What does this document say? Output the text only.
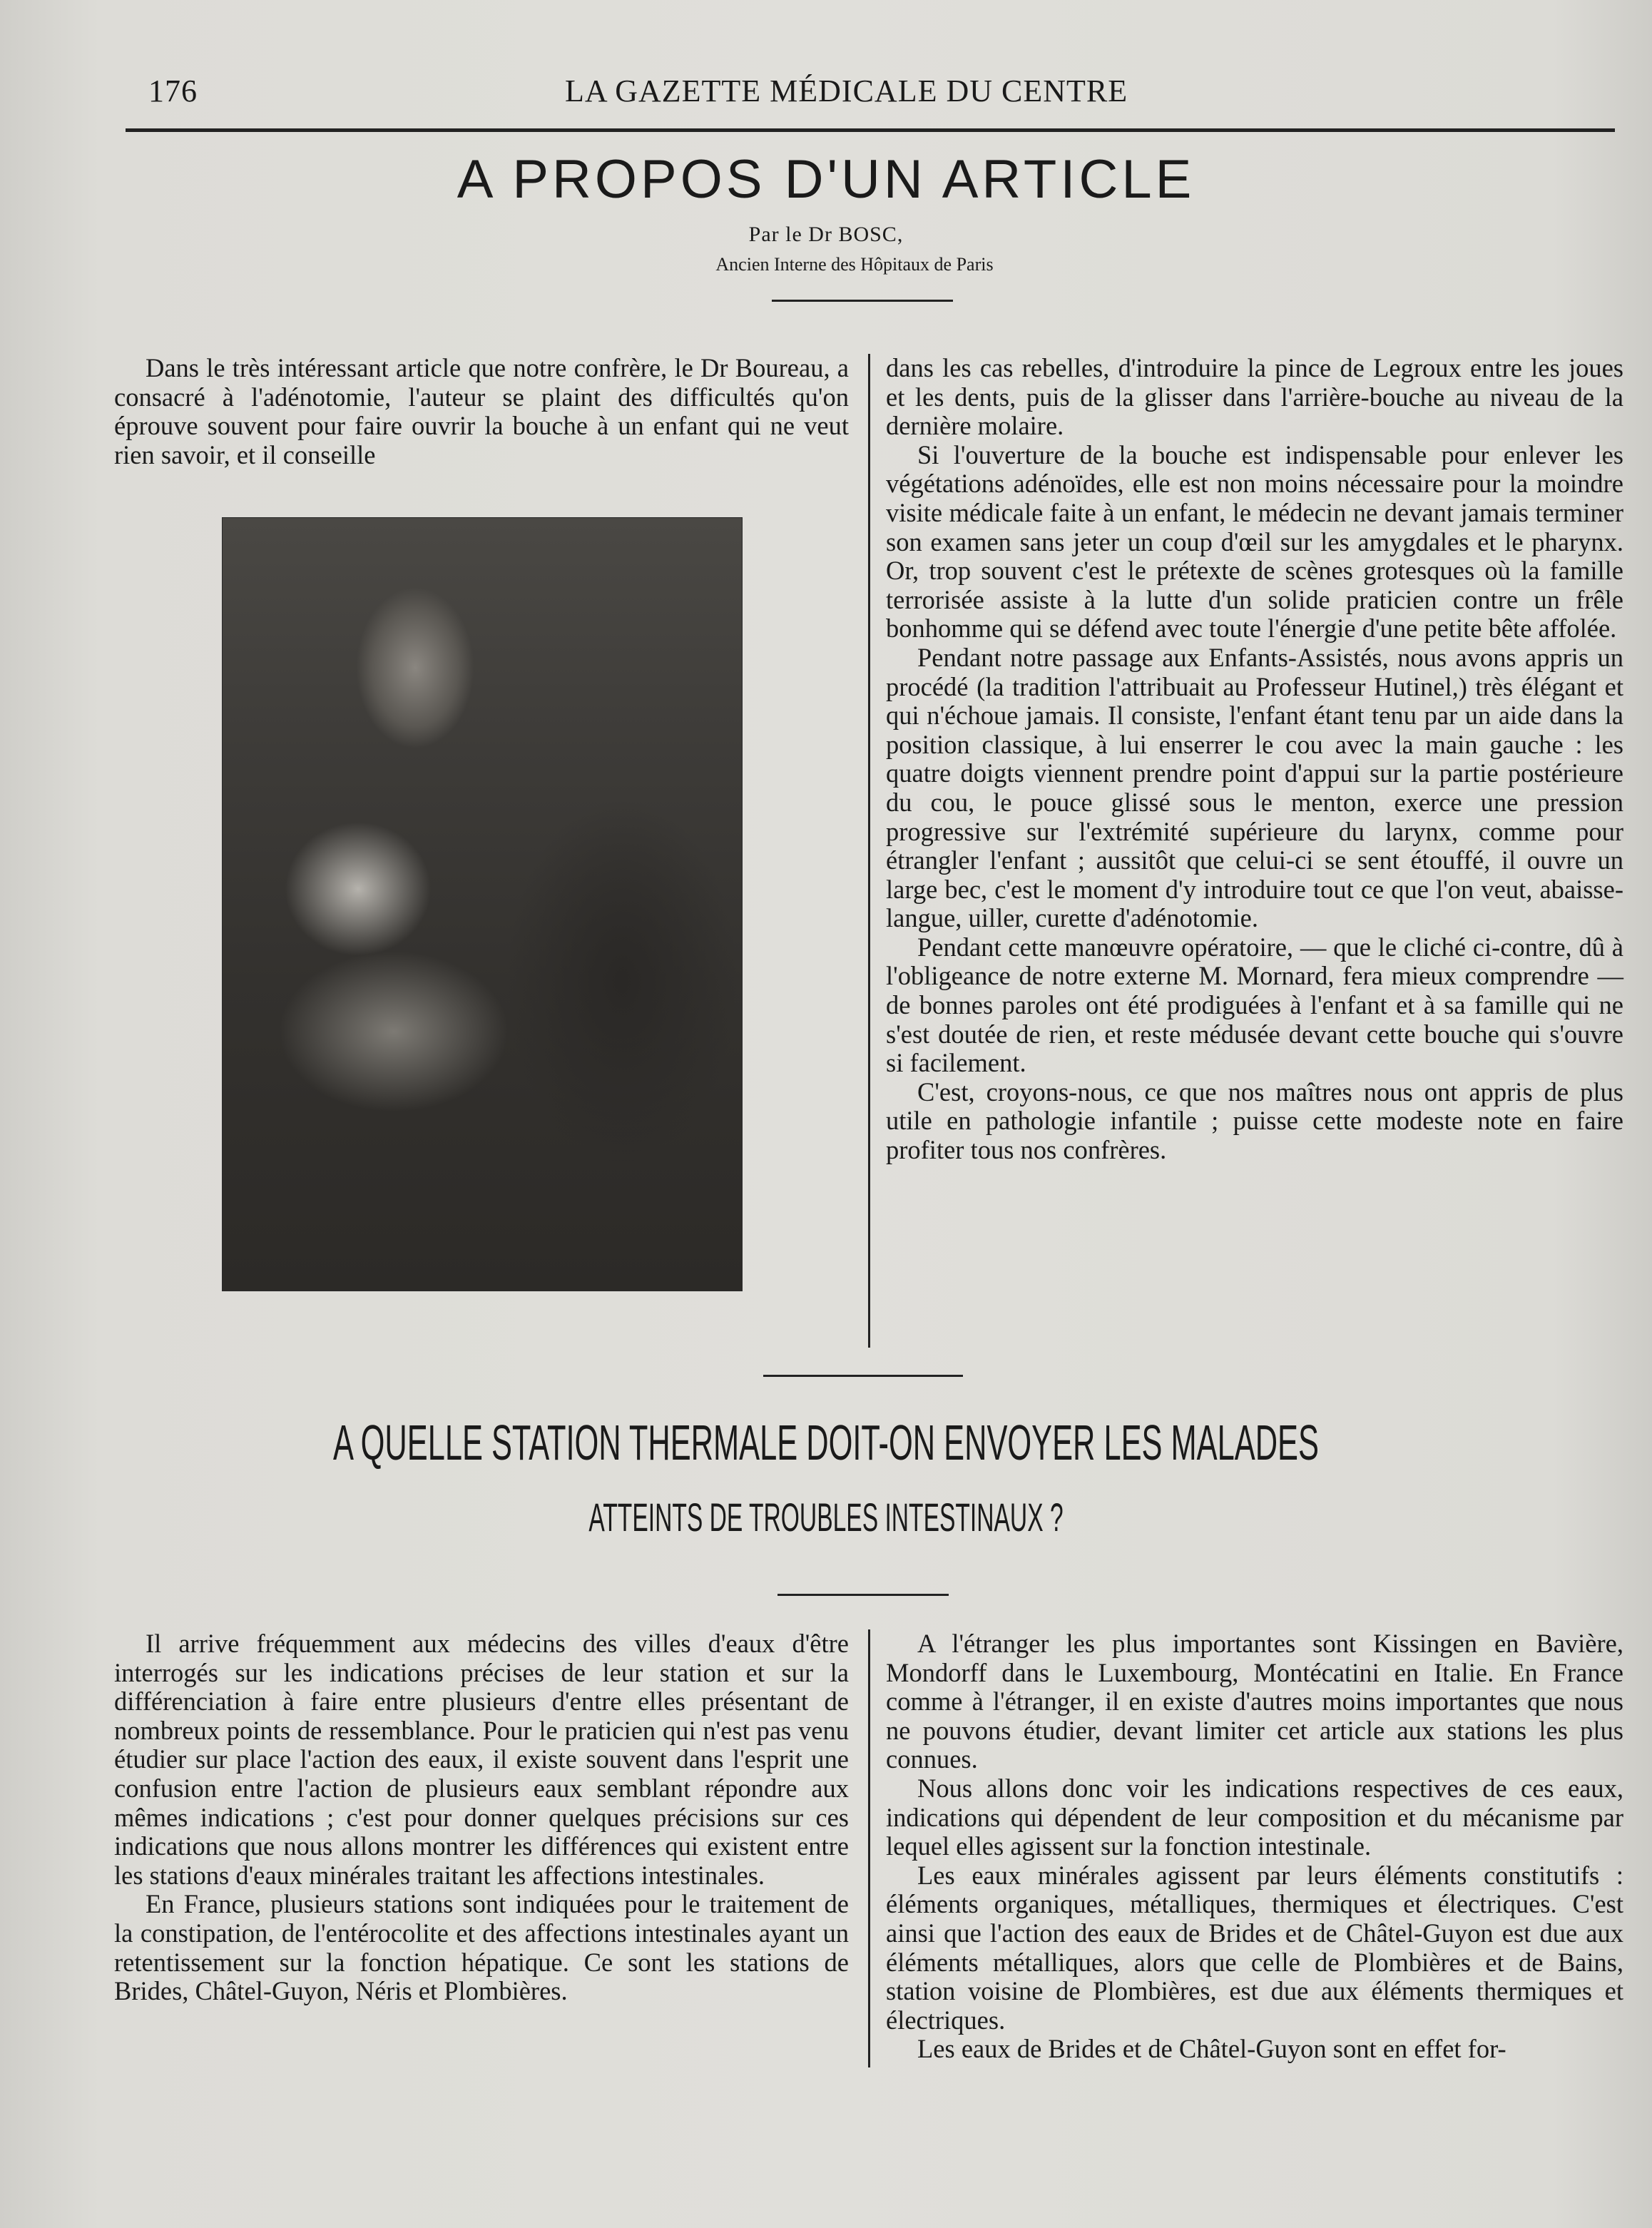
176	LA GAZETTE MÉDICALE DU CENTRE
A PROPOS D'UN ARTICLE
Par le Dr BOSC,
Ancien Interne des Hôpitaux de Paris

Dans le très intéressant article que notre confrère, le Dr Boureau, a consacré à l'adénotomie, l'auteur se plaint des difficultés qu'on éprouve souvent pour faire ouvrir la bouche à un enfant qui ne veut rien savoir, et il conseille

dans les cas rebelles, d'introduire la pince de Legroux entre les joues et les dents, puis de la glisser dans l'arrière-bouche au niveau de la dernière molaire.

Si l'ouverture de la bouche est indispensable pour enlever les végétations adénoïdes, elle est non moins nécessaire pour la moindre visite médicale faite à un enfant, le médecin ne devant jamais terminer son examen sans jeter un coup d'œil sur les amygdales et le pharynx. Or, trop souvent c'est le prétexte de scènes grotesques où la famille terrorisée assiste à la lutte d'un solide praticien contre un frêle bonhomme qui se défend avec toute l'énergie d'une petite bête affolée.

Pendant notre passage aux Enfants-Assistés, nous avons appris un procédé (la tradition l'attribuait au Professeur Hutinel,) très élégant et qui n'échoue jamais. Il consiste, l'enfant étant tenu par un aide dans la position classique, à lui enserrer le cou avec la main gauche : les quatre doigts viennent prendre point d'appui sur la partie postérieure du cou, le pouce glissé sous le menton, exerce une pression progressive sur l'extrémité supérieure du larynx, comme pour étrangler l'enfant ; aussitôt que celui-ci se sent étouffé, il ouvre un large bec, c'est le moment d'y introduire tout ce que l'on veut, abaisse-langue, uiller, curette d'adénotomie.

Pendant cette manœuvre opératoire, — que le cliché ci-contre, dû à l'obligeance de notre externe M. Mornard, fera mieux comprendre — de bonnes paroles ont été prodiguées à l'enfant et à sa famille qui ne s'est doutée de rien, et reste médusée devant cette bouche qui s'ouvre si facilement.

C'est, croyons-nous, ce que nos maîtres nous ont appris de plus utile en pathologie infantile ; puisse cette modeste note en faire profiter tous nos confrères.

A QUELLE STATION THERMALE DOIT-ON ENVOYER LES MALADES
ATTEINTS DE TROUBLES INTESTINAUX ?

Il arrive fréquemment aux médecins des villes d'eaux d'être interrogés sur les indications précises de leur station et sur la différenciation à faire entre plusieurs d'entre elles présentant de nombreux points de ressemblance. Pour le praticien qui n'est pas venu étudier sur place l'action des eaux, il existe souvent dans l'esprit une confusion entre l'action de plusieurs eaux semblant répondre aux mêmes indications ; c'est pour donner quelques précisions sur ces indications que nous allons montrer les différences qui existent entre les stations d'eaux minérales traitant les affections intestinales.

En France, plusieurs stations sont indiquées pour le traitement de la constipation, de l'entérocolite et des affections intestinales ayant un retentissement sur la fonction hépatique. Ce sont les stations de Brides, Châtel-Guyon, Néris et Plombières.

A l'étranger les plus importantes sont Kissingen en Bavière, Mondorff dans le Luxembourg, Montécatini en Italie. En France comme à l'étranger, il en existe d'autres moins importantes que nous ne pouvons étudier, devant limiter cet article aux stations les plus connues.

Nous allons donc voir les indications respectives de ces eaux, indications qui dépendent de leur composition et du mécanisme par lequel elles agissent sur la fonction intestinale.

Les eaux minérales agissent par leurs éléments constitutifs : éléments organiques, métalliques, thermiques et électriques. C'est ainsi que l'action des eaux de Brides et de Châtel-Guyon est due aux éléments métalliques, alors que celle de Plombières et de Bains, station voisine de Plombières, est due aux éléments thermiques et électriques.

Les eaux de Brides et de Châtel-Guyon sont en effet for-
